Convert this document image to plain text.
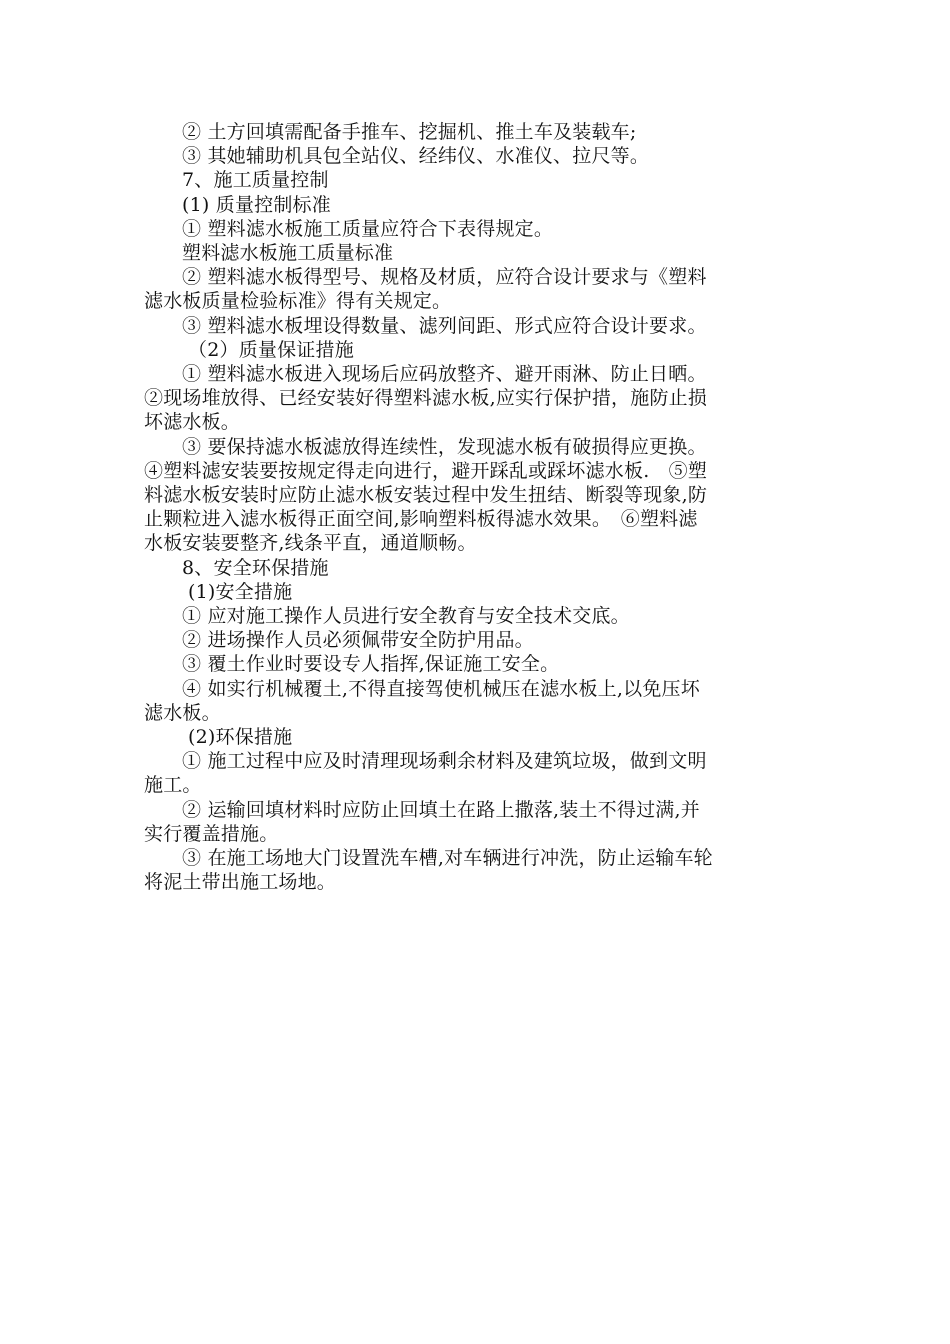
② 土方回填需配备手推车、挖掘机、推土车及装载车;
③ 其她辅助机具包全站仪、经纬仪、水准仪、拉尺等。
7、施工质量控制
(1) 质量控制标准
① 塑料滤水板施工质量应符合下表得规定。
塑料滤水板施工质量标准
② 塑料滤水板得型号、规格及材质，应符合设计要求与《塑料
滤水板质量检验标准》得有关规定。
③ 塑料滤水板埋设得数量、滤列间距、形式应符合设计要求。
（2）质量保证措施
① 塑料滤水板进入现场后应码放整齐、避开雨淋、防止日晒。
②现场堆放得、已经安装好得塑料滤水板,应实行保护措，施防止损
坏滤水板。
③ 要保持滤水板滤放得连续性，发现滤水板有破损得应更换。
④塑料滤安装要按规定得走向进行，避开踩乱或踩坏滤水板.　⑤塑
料滤水板安装时应防止滤水板安装过程中发生扭结、断裂等现象,防
止颗粒进入滤水板得正面空间,影响塑料板得滤水效果。　⑥塑料滤
水板安装要整齐,线条平直，通道顺畅。
8、安全环保措施
(1)安全措施
① 应对施工操作人员进行安全教育与安全技术交底。
② 进场操作人员必须佩带安全防护用品。
③ 覆土作业时要设专人指挥,保证施工安全。
④ 如实行机械覆土,不得直接驾使机械压在滤水板上,以免压坏
滤水板。
(2)环保措施
① 施工过程中应及时清理现场剩余材料及建筑垃圾，做到文明
施工。
② 运输回填材料时应防止回填土在路上撒落,装土不得过满,并
实行覆盖措施。
③ 在施工场地大门设置洗车槽,对车辆进行冲洗，防止运输车轮
将泥土带出施工场地。
